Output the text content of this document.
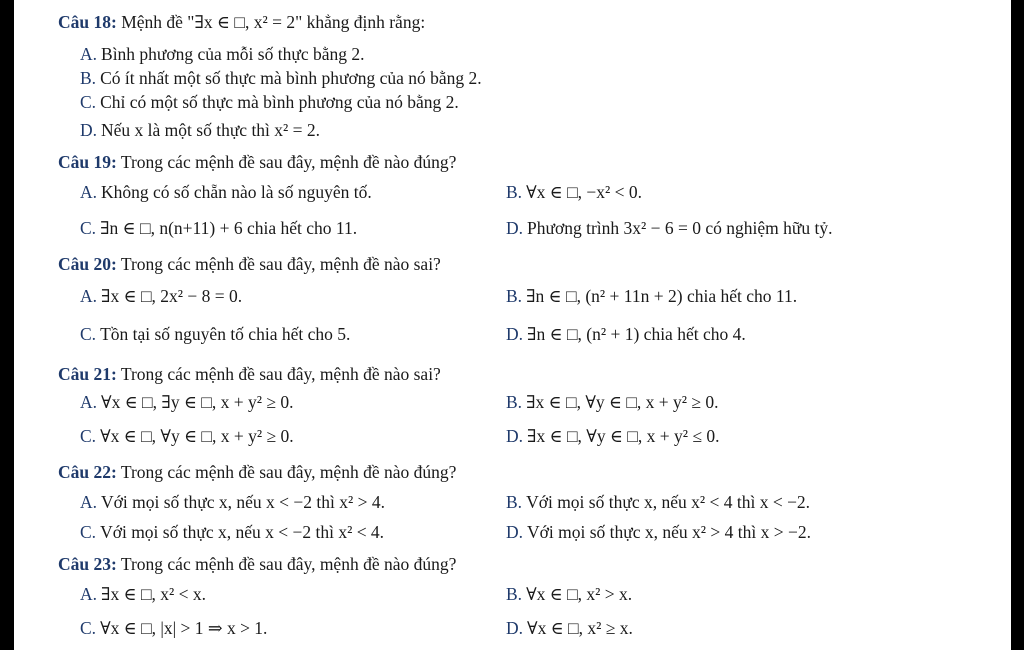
Câu 18: Mệnh đề "∃x ∈ □, x² = 2" khẳng định rằng:
A. Bình phương của mỗi số thực bằng 2.
B. Có ít nhất một số thực mà bình phương của nó bằng 2.
C. Chỉ có một số thực mà bình phương của nó bằng 2.
D. Nếu x là một số thực thì x² = 2.
Câu 19: Trong các mệnh đề sau đây, mệnh đề nào đúng?
A. Không có số chẵn nào là số nguyên tố.	B. ∀x ∈ □, −x² < 0.
C. ∃n ∈ □, n(n+11) + 6 chia hết cho 11.	D. Phương trình 3x² − 6 = 0 có nghiệm hữu tỷ.
Câu 20: Trong các mệnh đề sau đây, mệnh đề nào sai?
A. ∃x ∈ □, 2x² − 8 = 0.	B. ∃n ∈ □, (n² + 11n + 2) chia hết cho 11.
C. Tồn tại số nguyên tố chia hết cho 5.	D. ∃n ∈ □, (n² + 1) chia hết cho 4.
Câu 21: Trong các mệnh đề sau đây, mệnh đề nào sai?
A. ∀x ∈ □, ∃y ∈ □, x + y² ≥ 0.	B. ∃x ∈ □, ∀y ∈ □, x + y² ≥ 0.
C. ∀x ∈ □, ∀y ∈ □, x + y² ≥ 0.	D. ∃x ∈ □, ∀y ∈ □, x + y² ≤ 0.
Câu 22: Trong các mệnh đề sau đây, mệnh đề nào đúng?
A. Với mọi số thực x, nếu x < −2 thì x² > 4.	B. Với mọi số thực x, nếu x² < 4 thì x < −2.
C. Với mọi số thực x, nếu x < −2 thì x² < 4.	D. Với mọi số thực x, nếu x² > 4 thì x > −2.
Câu 23: Trong các mệnh đề sau đây, mệnh đề nào đúng?
A. ∃x ∈ □, x² < x.	B. ∀x ∈ □, x² > x.
C. ∀x ∈ □, |x| > 1 ⇒ x > 1.	D. ∀x ∈ □, x² ≥ x.
